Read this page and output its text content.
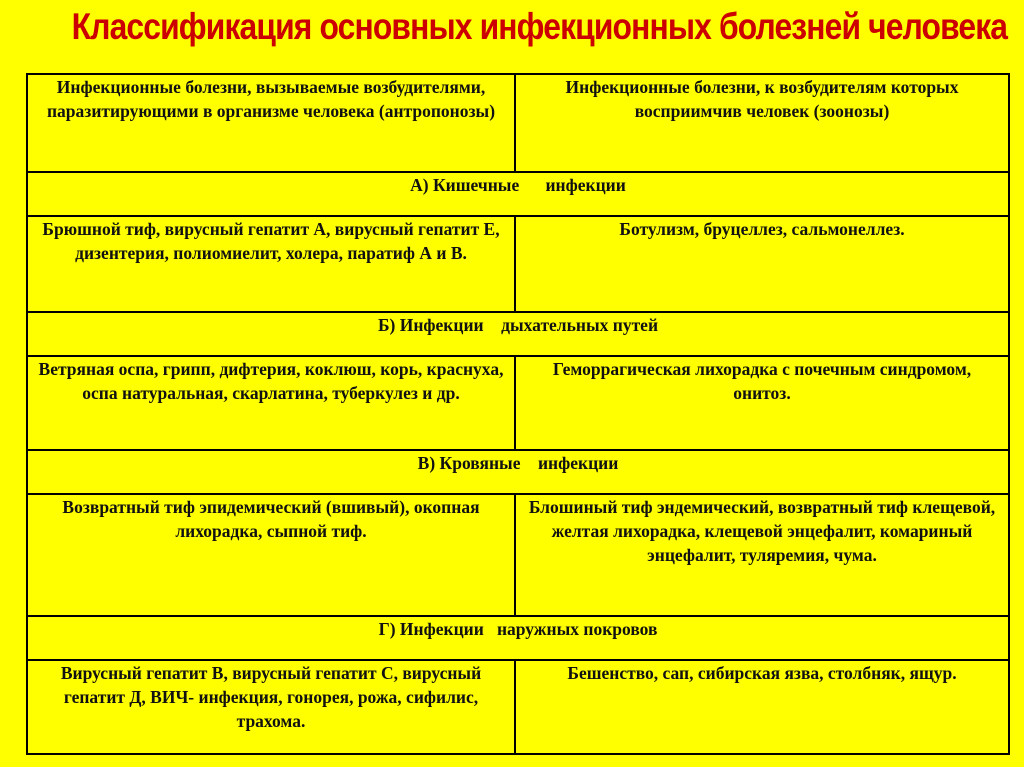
Классификация основных инфекционных болезней человека
Инфекционные болезни, вызываемые возбудителями, паразитирующими в организме человека (антропонозы)	Инфекционные болезни, к возбудителям которых восприимчив человек (зоонозы)
А) Кишечные      инфекции	
Брюшной тиф, вирусный гепатит А, вирусный гепатит Е, дизентерия, полиомиелит, холера, паратиф А и В.	Ботулизм, бруцеллез, сальмонеллез.
Б) Инфекции    дыхательных путей	
Ветряная оспа, грипп, дифтерия, коклюш, корь, краснуха, оспа натуральная, скарлатина, туберкулез и др.	Геморрагическая лихорадка с почечным синдромом, онитоз.
В) Кровяные    инфекции	
Возвратный тиф эпидемический (вшивый), окопная лихорадка, сыпной тиф.	Блошиный тиф эндемический, возвратный тиф клещевой, желтая лихорадка, клещевой энцефалит, комариный энцефалит, туляремия, чума.
Г) Инфекции   наружных покровов	
Вирусный гепатит В, вирусный гепатит С, вирусный гепатит Д, ВИЧ- инфекция, гонорея, рожа, сифилис, трахома.	Бешенство, сап, сибирская язва, столбняк, ящур.
